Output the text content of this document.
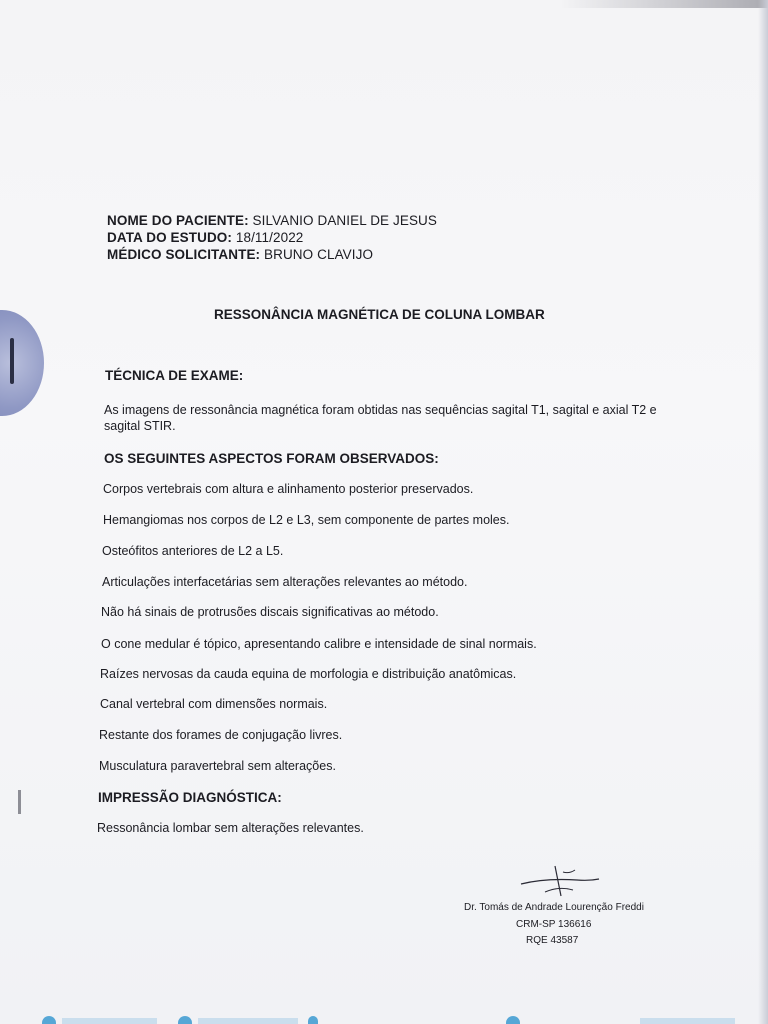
NOME DO PACIENTE: SILVANIO DANIEL DE JESUS
DATA DO ESTUDO: 18/11/2022
MÉDICO SOLICITANTE: BRUNO CLAVIJO
RESSONÂNCIA MAGNÉTICA DE COLUNA LOMBAR
TÉCNICA DE EXAME:
As imagens de ressonância magnética foram obtidas nas sequências sagital T1, sagital e axial T2 e sagital STIR.
OS SEGUINTES ASPECTOS FORAM OBSERVADOS:
Corpos vertebrais com altura e alinhamento posterior preservados.
Hemangiomas nos corpos de L2 e L3, sem componente de partes moles.
Osteófitos anteriores de L2 a L5.
Articulações interfacetárias sem alterações relevantes ao método.
Não há sinais de protrusões discais significativas ao método.
O cone medular é tópico, apresentando calibre e intensidade de sinal normais.
Raízes nervosas da cauda equina de morfologia e distribuição anatômicas.
Canal vertebral com dimensões normais.
Restante dos forames de conjugação livres.
Musculatura paravertebral sem alterações.
IMPRESSÃO DIAGNÓSTICA:
Ressonância lombar sem alterações relevantes.
Dr. Tomás de Andrade Lourenção Freddi
CRM-SP 136616
RQE 43587
